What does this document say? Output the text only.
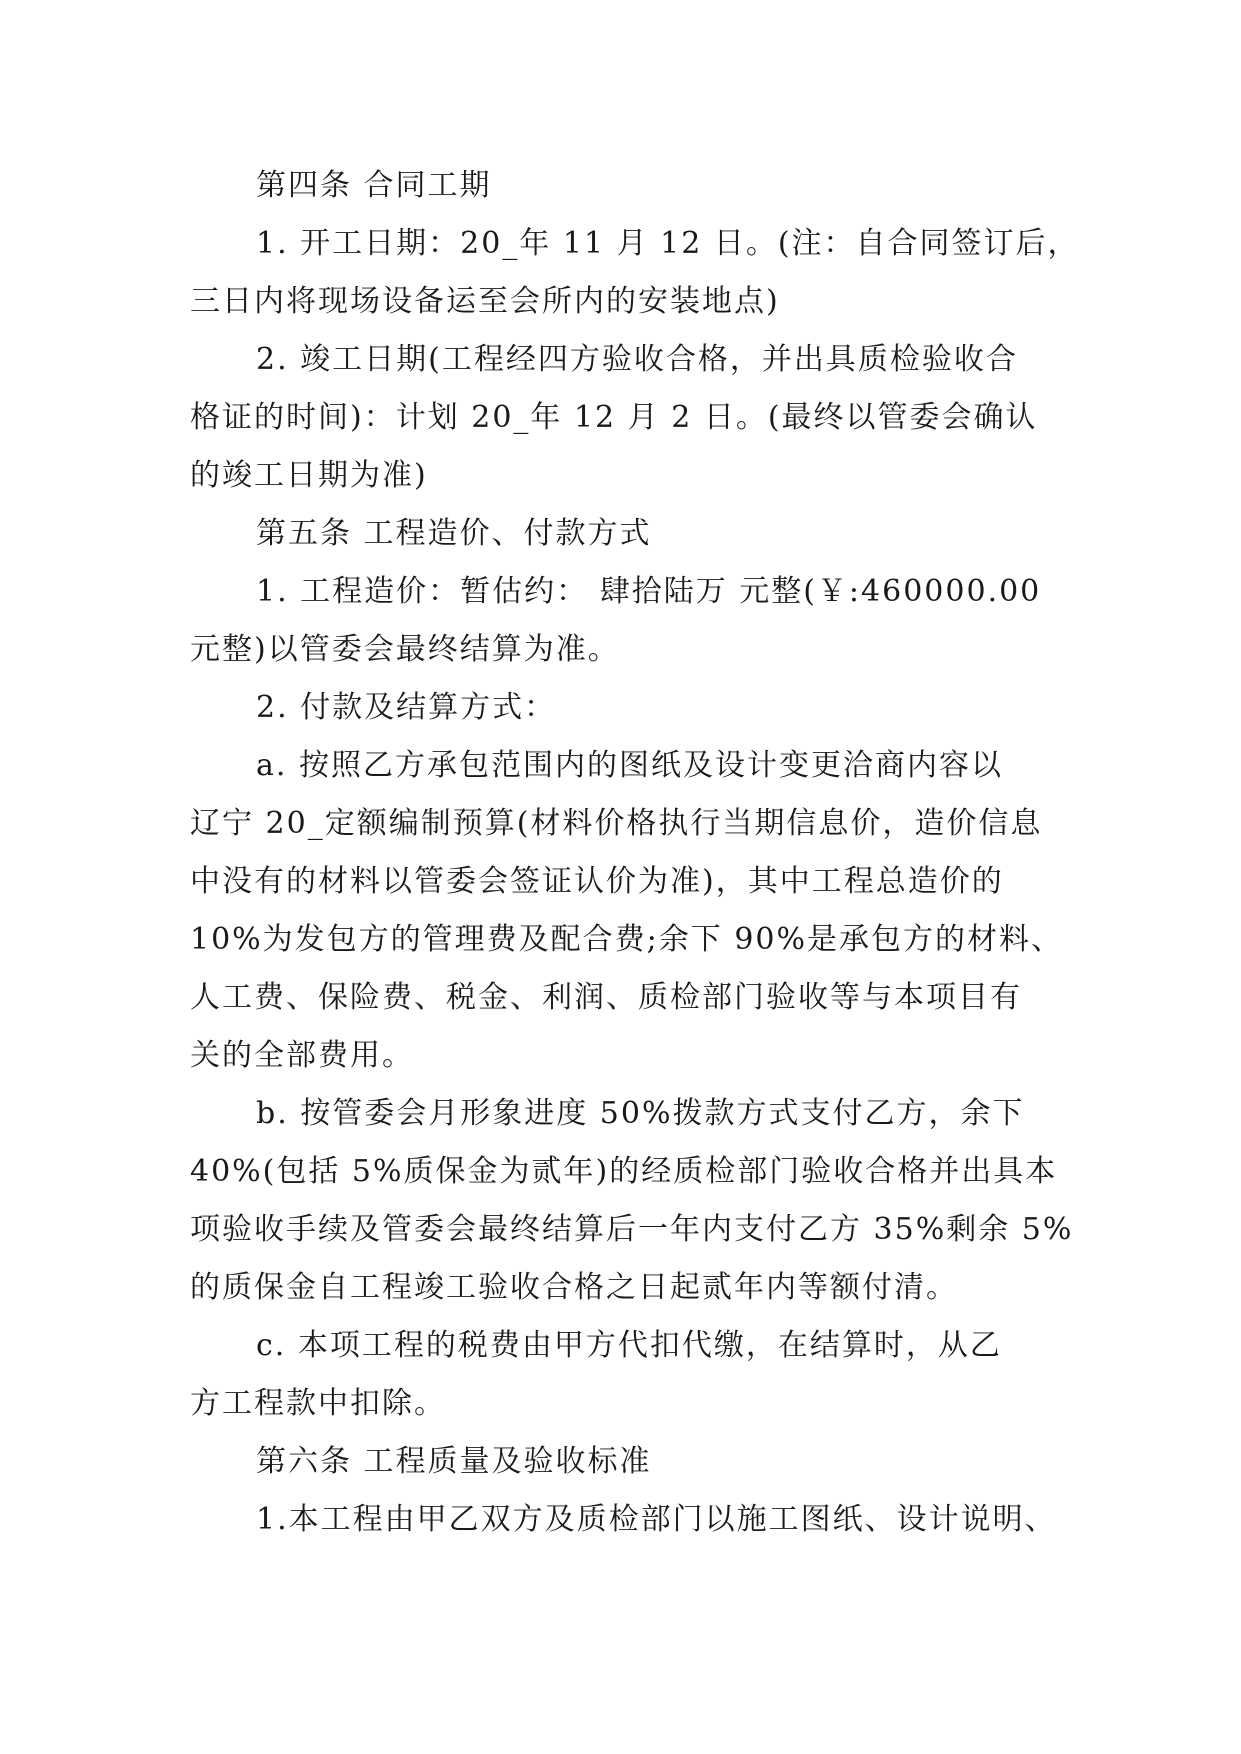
第四条 合同工期
1. 开工日期：20_年 11 月 12 日。(注：自合同签订后，
三日内将现场设备运至会所内的安装地点)
2. 竣工日期(工程经四方验收合格，并出具质检验收合
格证的时间)：计划 20_年 12 月 2 日。(最终以管委会确认
的竣工日期为准)
第五条 工程造价、付款方式
1. 工程造价：暂估约： 肆拾陆万 元整(￥:460000.00
元整)以管委会最终结算为准。
2. 付款及结算方式：
a. 按照乙方承包范围内的图纸及设计变更洽商内容以
辽宁 20_定额编制预算(材料价格执行当期信息价，造价信息
中没有的材料以管委会签证认价为准)，其中工程总造价的
10%为发包方的管理费及配合费;余下 90%是承包方的材料、
人工费、保险费、税金、利润、质检部门验收等与本项目有
关的全部费用。
b. 按管委会月形象进度 50%拨款方式支付乙方，余下
40%(包括 5%质保金为贰年)的经质检部门验收合格并出具本
项验收手续及管委会最终结算后一年内支付乙方 35%剩余 5%
的质保金自工程竣工验收合格之日起贰年内等额付清。
c. 本项工程的税费由甲方代扣代缴，在结算时，从乙
方工程款中扣除。
第六条 工程质量及验收标准
1.本工程由甲乙双方及质检部门以施工图纸、设计说明、
